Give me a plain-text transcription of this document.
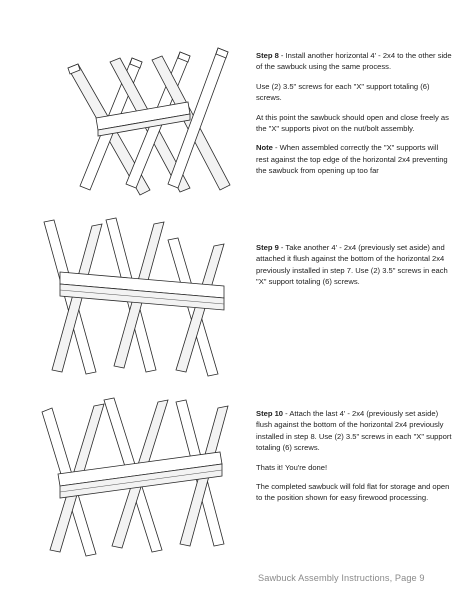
Step 8 - Install another horizontal 4' - 2x4 to the other side of the sawbuck using the same process.

Use (2) 3.5" screws for each "X" support totaling (6) screws.

At this point the sawbuck should open and close freely as the "X" supports pivot on the nut/bolt assembly.

Note - When assembled correctly the "X" supports will rest against the top edge of the horizontal 2x4 preventing the sawbuck from opening up too far

Step 9 - Take another 4' - 2x4 (previously set aside) and attached it flush against the bottom of the horizontal 2x4 previously installed in step 7. Use (2) 3.5" screws in each "X" support totaling (6) screws.

Step 10 - Attach the last 4' - 2x4 (previously set aside) flush against the bottom of the horizontal 2x4 previously installed in step 8. Use (2) 3.5" screws in each "X" support totaling (6) screws.

Thats it! You're done!

The completed sawbuck will fold flat for storage and open to the position shown for easy firewood processing.

Sawbuck Assembly Instructions, Page 9
